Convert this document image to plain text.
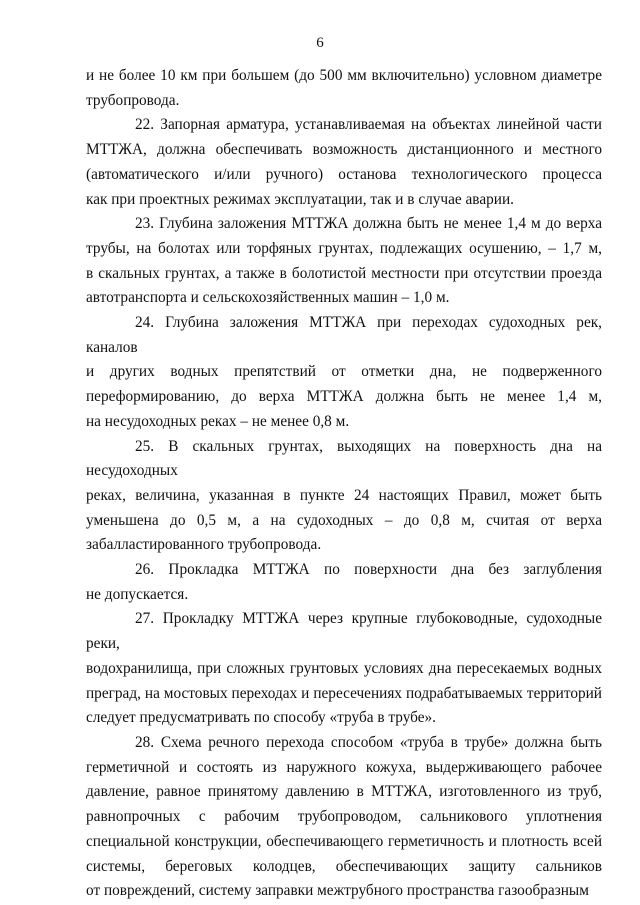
6
и не более 10 км при большем (до 500 мм включительно) условном диаметре
трубопровода.
22. Запорная арматура, устанавливаемая на объектах линейной части
МТТЖА, должна обеспечивать возможность дистанционного и местного
(автоматического и/или ручного) останова технологического процесса
как при проектных режимах эксплуатации, так и в случае аварии.
23. Глубина заложения МТТЖА должна быть не менее 1,4 м до верха
трубы, на болотах или торфяных грунтах, подлежащих осушению, – 1,7 м,
в скальных грунтах, а также в болотистой местности при отсутствии проезда
автотранспорта и сельскохозяйственных машин – 1,0 м.
24. Глубина заложения МТТЖА при переходах судоходных рек, каналов
и других водных препятствий от отметки дна, не подверженного
переформированию, до верха МТТЖА должна быть не менее 1,4 м,
на несудоходных реках – не менее 0,8 м.
25. В скальных грунтах, выходящих на поверхность дна на несудоходных
реках, величина, указанная в пункте 24 настоящих Правил, может быть
уменьшена до 0,5 м, а на судоходных – до 0,8 м, считая от верха
забалластированного трубопровода.
26. Прокладка МТТЖА по поверхности дна без заглубления
не допускается.
27. Прокладку МТТЖА через крупные глубоководные, судоходные реки,
водохранилища, при сложных грунтовых условиях дна пересекаемых водных
преград, на мостовых переходах и пересечениях подрабатываемых территорий
следует предусматривать по способу «труба в трубе».
28. Схема речного перехода способом «труба в трубе» должна быть
герметичной и состоять из наружного кожуха, выдерживающего рабочее
давление, равное принятому давлению в МТТЖА, изготовленного из труб,
равнопрочных с рабочим трубопроводом, сальникового уплотнения
специальной конструкции, обеспечивающего герметичность и плотность всей
системы, береговых колодцев, обеспечивающих защиту сальников
от повреждений, систему заправки межтрубного пространства газообразным
